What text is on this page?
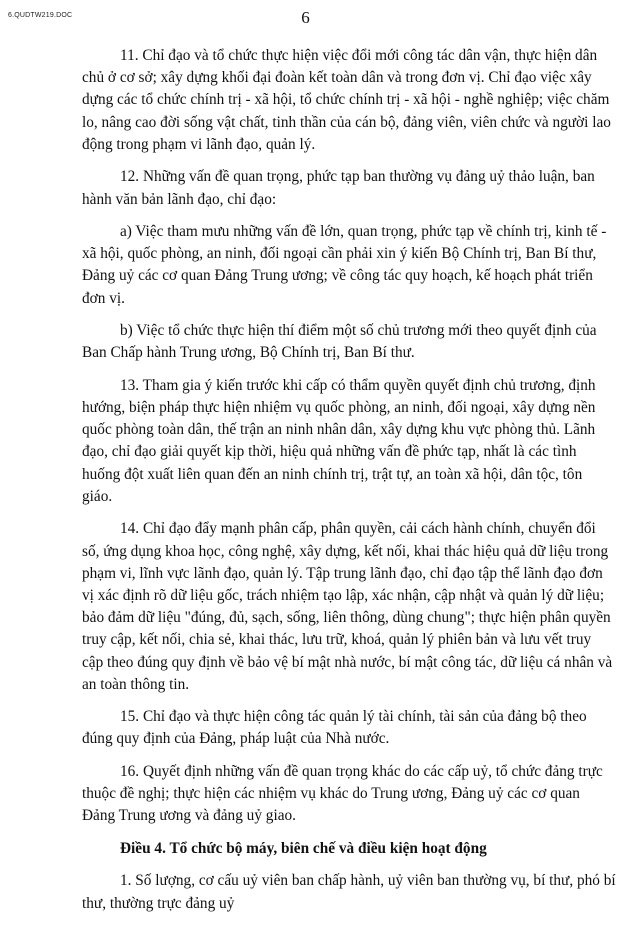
6.QUDTW219.DOC	6

11. Chỉ đạo và tổ chức thực hiện việc đổi mới công tác dân vận, thực hiện dân chủ ở cơ sở; xây dựng khối đại đoàn kết toàn dân và trong đơn vị. Chỉ đạo việc xây dựng các tổ chức chính trị - xã hội, tổ chức chính trị - xã hội - nghề nghiệp; việc chăm lo, nâng cao đời sống vật chất, tinh thần của cán bộ, đảng viên, viên chức và người lao động trong phạm vi lãnh đạo, quản lý.

12. Những vấn đề quan trọng, phức tạp ban thường vụ đảng uỷ thảo luận, ban hành văn bản lãnh đạo, chỉ đạo:

a) Việc tham mưu những vấn đề lớn, quan trọng, phức tạp về chính trị, kinh tế - xã hội, quốc phòng, an ninh, đối ngoại cần phải xin ý kiến Bộ Chính trị, Ban Bí thư, Đảng uỷ các cơ quan Đảng Trung ương; về công tác quy hoạch, kế hoạch phát triển đơn vị.

b) Việc tổ chức thực hiện thí điểm một số chủ trương mới theo quyết định của Ban Chấp hành Trung ương, Bộ Chính trị, Ban Bí thư.

13. Tham gia ý kiến trước khi cấp có thẩm quyền quyết định chủ trương, định hướng, biện pháp thực hiện nhiệm vụ quốc phòng, an ninh, đối ngoại, xây dựng nền quốc phòng toàn dân, thế trận an ninh nhân dân, xây dựng khu vực phòng thủ. Lãnh đạo, chỉ đạo giải quyết kịp thời, hiệu quả những vấn đề phức tạp, nhất là các tình huống đột xuất liên quan đến an ninh chính trị, trật tự, an toàn xã hội, dân tộc, tôn giáo.

14. Chỉ đạo đẩy mạnh phân cấp, phân quyền, cải cách hành chính, chuyển đổi số, ứng dụng khoa học, công nghệ, xây dựng, kết nối, khai thác hiệu quả dữ liệu trong phạm vi, lĩnh vực lãnh đạo, quản lý. Tập trung lãnh đạo, chỉ đạo tập thể lãnh đạo đơn vị xác định rõ dữ liệu gốc, trách nhiệm tạo lập, xác nhận, cập nhật và quản lý dữ liệu; bảo đảm dữ liệu "đúng, đủ, sạch, sống, liên thông, dùng chung"; thực hiện phân quyền truy cập, kết nối, chia sẻ, khai thác, lưu trữ, khoá, quản lý phiên bản và lưu vết truy cập theo đúng quy định về bảo vệ bí mật nhà nước, bí mật công tác, dữ liệu cá nhân và an toàn thông tin.

15. Chỉ đạo và thực hiện công tác quản lý tài chính, tài sản của đảng bộ theo đúng quy định của Đảng, pháp luật của Nhà nước.

16. Quyết định những vấn đề quan trọng khác do các cấp uỷ, tổ chức đảng trực thuộc đề nghị; thực hiện các nhiệm vụ khác do Trung ương, Đảng uỷ các cơ quan Đảng Trung ương và đảng uỷ giao.

Điều 4. Tổ chức bộ máy, biên chế và điều kiện hoạt động

1. Số lượng, cơ cấu uỷ viên ban chấp hành, uỷ viên ban thường vụ, bí thư, phó bí thư, thường trực đảng uỷ
